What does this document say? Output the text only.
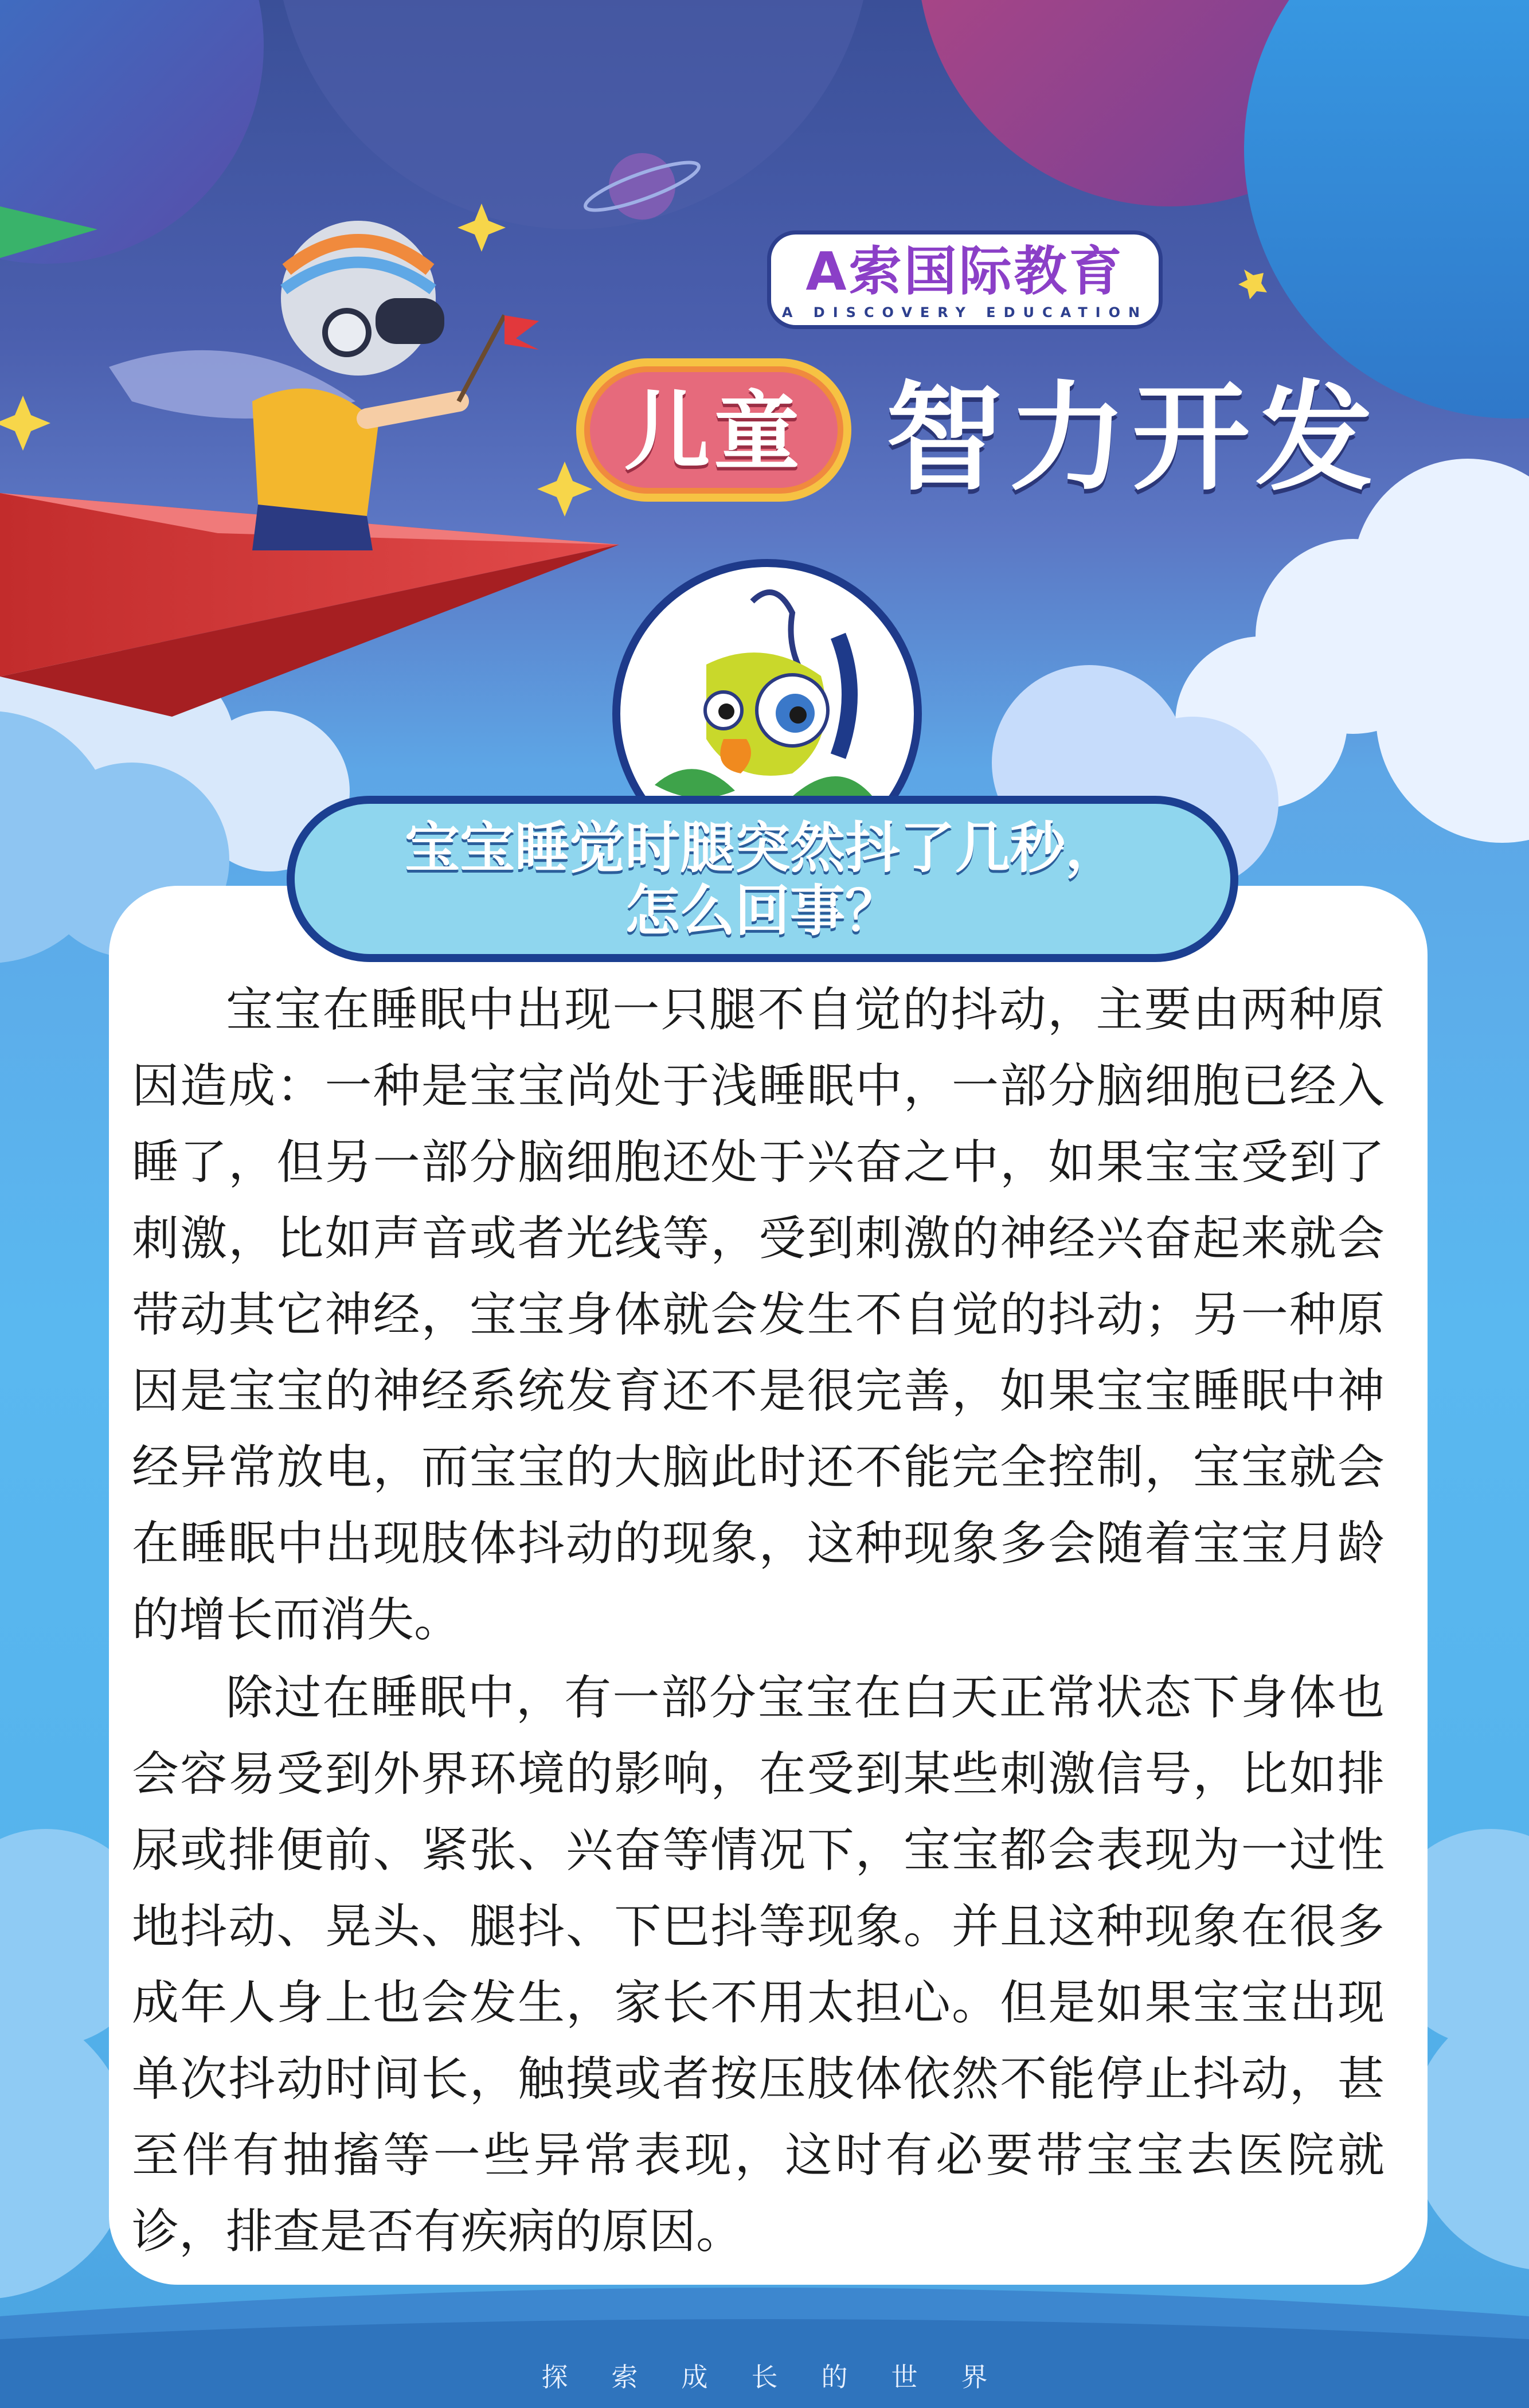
A索国际教育
A DISCOVERY EDUCATION
儿童 智力开发
宝宝睡觉时腿突然抖了几秒，
怎么回事？

宝宝在睡眠中出现一只腿不自觉的抖动，主要由两种原因造成：一种是宝宝尚处于浅睡眠中，一部分脑细胞已经入睡了，但另一部分脑细胞还处于兴奋之中，如果宝宝受到了刺激，比如声音或者光线等，受到刺激的神经兴奋起来就会带动其它神经，宝宝身体就会发生不自觉的抖动；另一种原因是宝宝的神经系统发育还不是很完善，如果宝宝睡眠中神经异常放电，而宝宝的大脑此时还不能完全控制，宝宝就会在睡眠中出现肢体抖动的现象，这种现象多会随着宝宝月龄的增长而消失。

除过在睡眠中，有一部分宝宝在白天正常状态下身体也会容易受到外界环境的影响，在受到某些刺激信号，比如排尿或排便前、紧张、兴奋等情况下，宝宝都会表现为一过性地抖动、晃头、腿抖、下巴抖等现象。并且这种现象在很多成年人身上也会发生，家长不用太担心。但是如果宝宝出现单次抖动时间长，触摸或者按压肢体依然不能停止抖动，甚至伴有抽搐等一些异常表现，这时有必要带宝宝去医院就诊，排查是否有疾病的原因。

探索成长的世界
